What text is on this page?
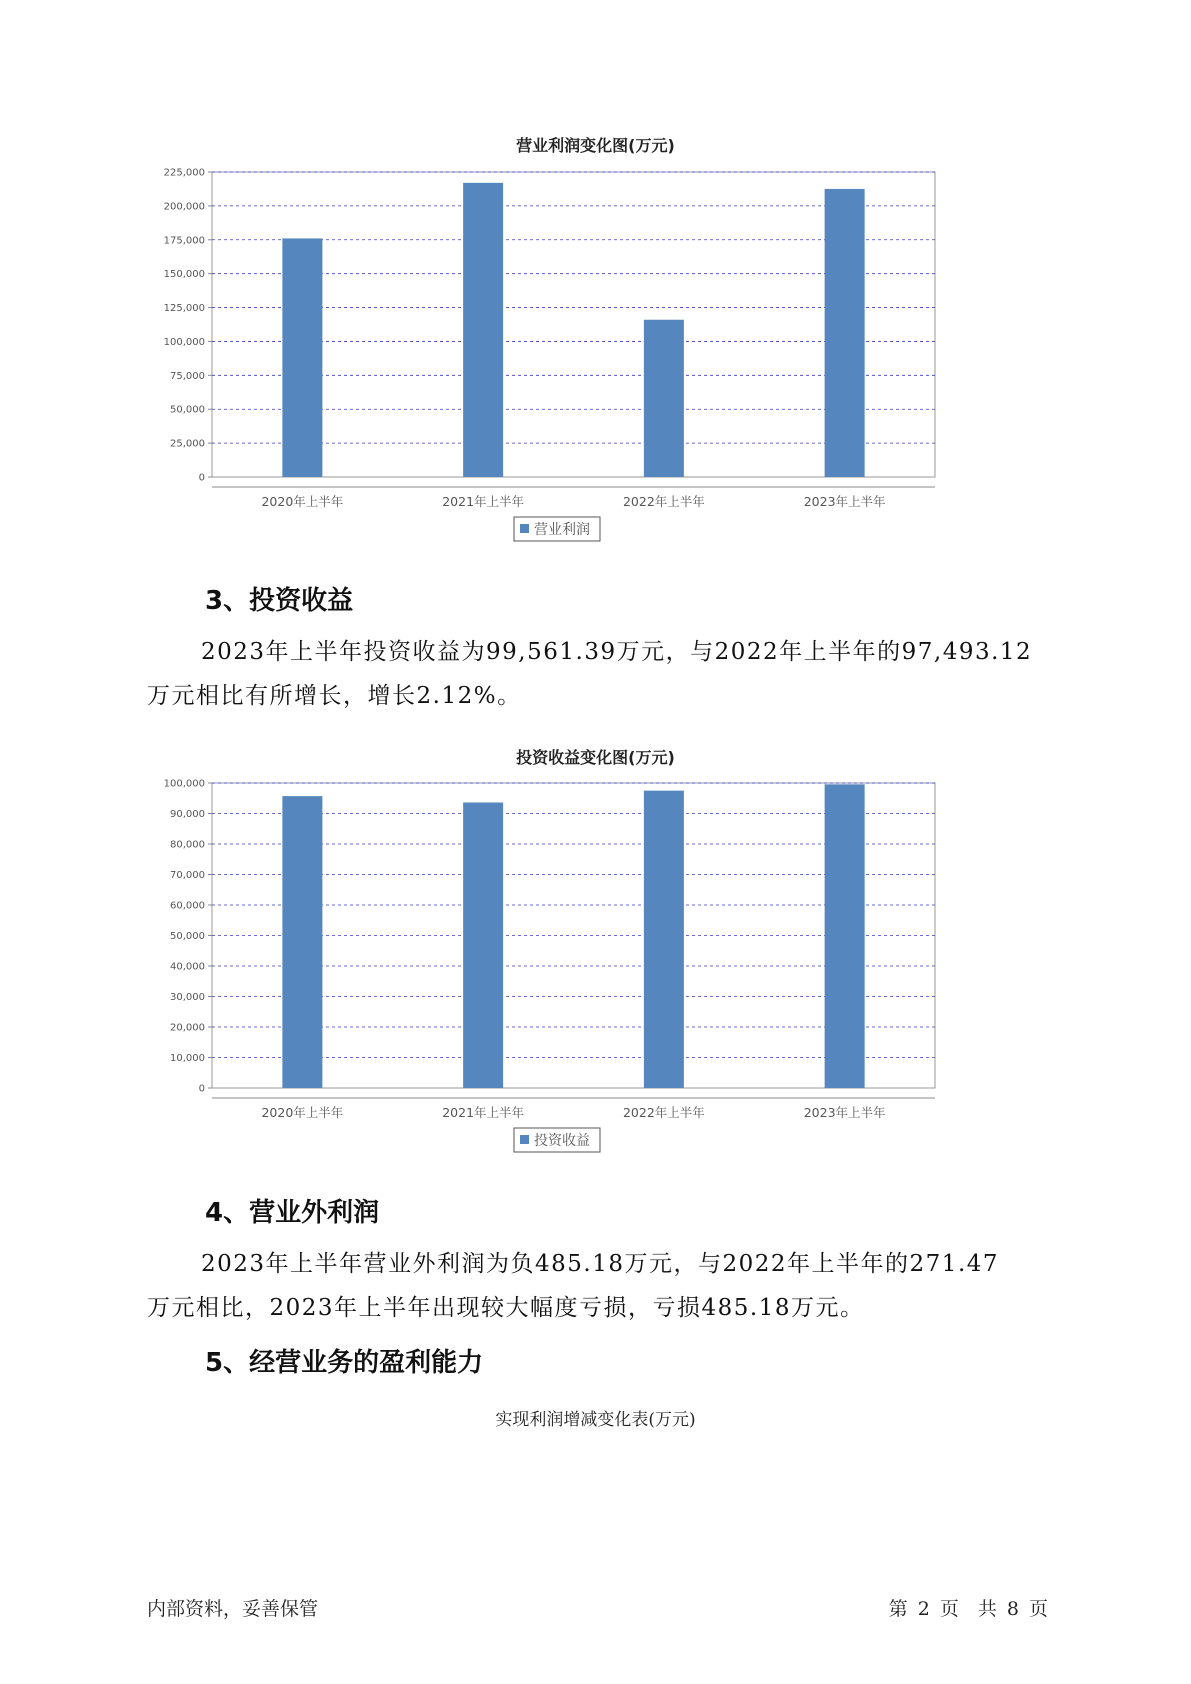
营业利润变化图(万元)
0
25,000
50,000
75,000
100,000
125,000
150,000
175,000
200,000
225,000
2020年上半年	2021年上半年	2022年上半年	2023年上半年
营业利润
3、投资收益

2023年上半年投资收益为99,561.39万元，与2022年上半年的97,493.12
万元相比有所增长，增长2.12%。

投资收益变化图(万元)
0
10,000
20,000
30,000
40,000
50,000
60,000
70,000
80,000
90,000
100,000
2020年上半年	2021年上半年	2022年上半年	2023年上半年
投资收益
4、营业外利润

2023年上半年营业外利润为负485.18万元，与2022年上半年的271.47
万元相比，2023年上半年出现较大幅度亏损，亏损485.18万元。

5、经营业务的盈利能力
实现利润增减变化表(万元)
内部资料，妥善保管	第 2 页　共 8 页
